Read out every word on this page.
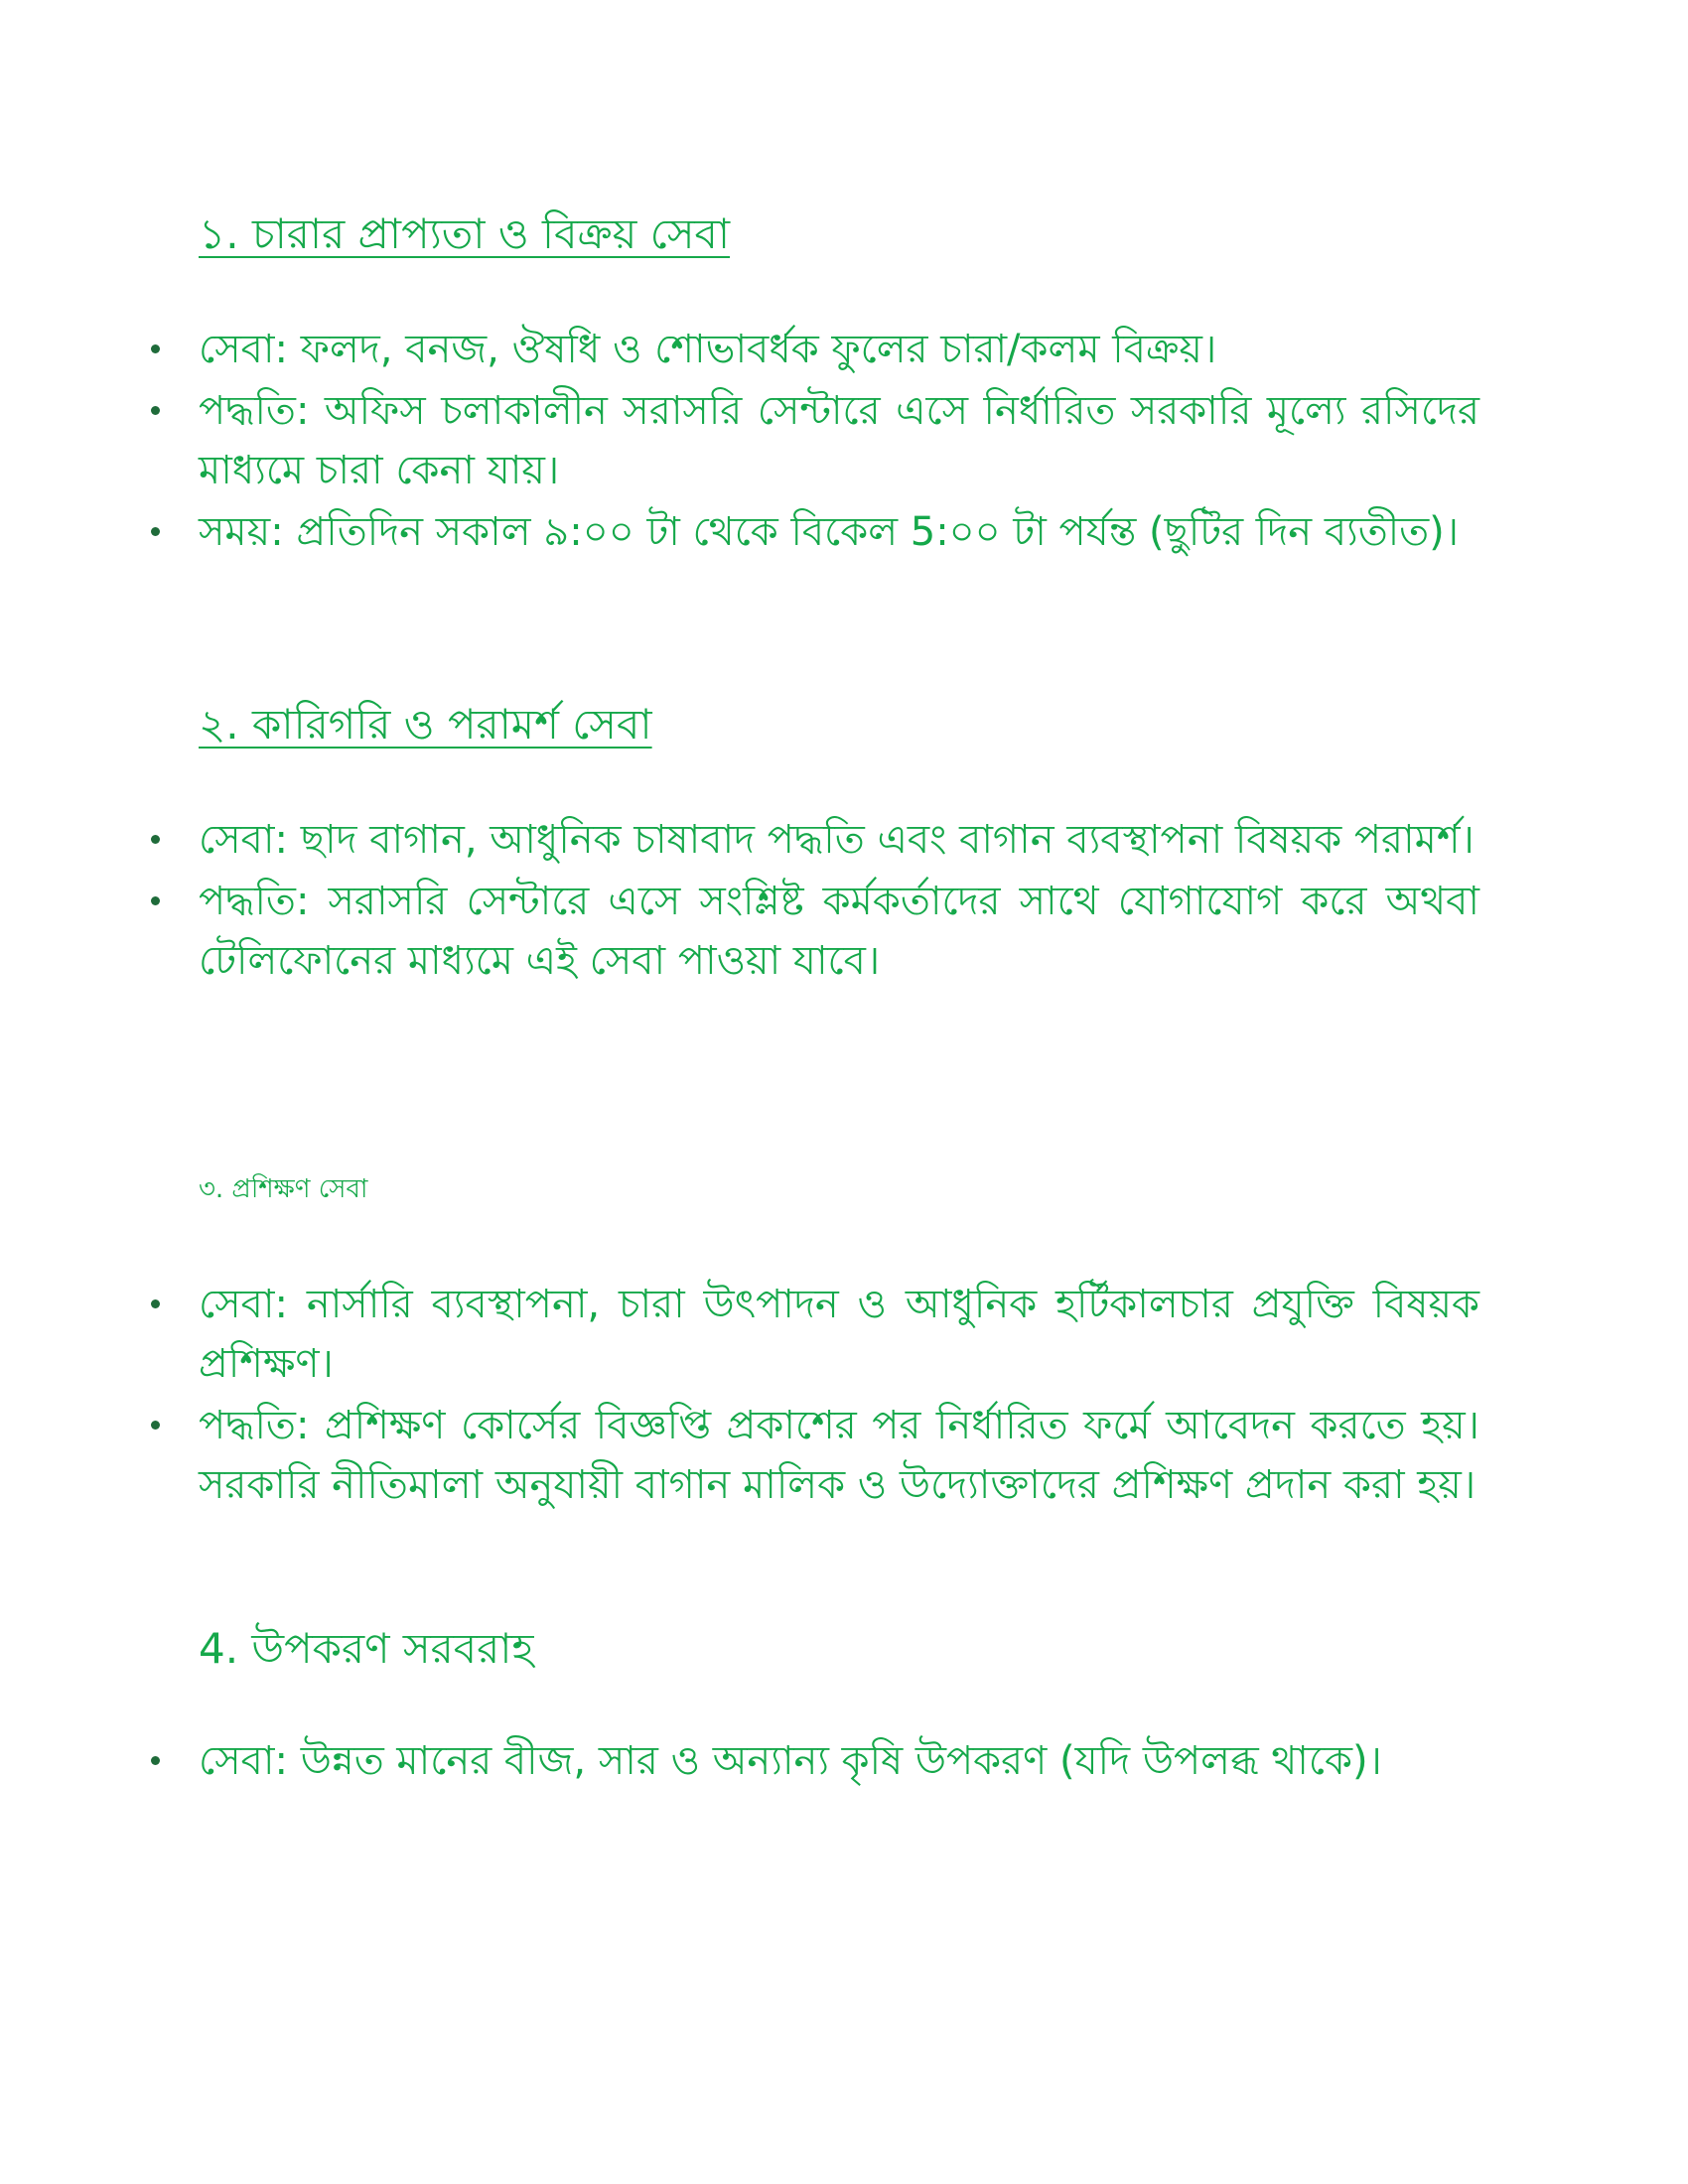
১. চারার প্রাপ্যতা ও বিক্রয় সেবা
সেবা: ফলদ, বনজ, ঔষধি ও শোভাবর্ধক ফুলের চারা/কলম বিক্রয়।
পদ্ধতি: অফিস চলাকালীন সরাসরি সেন্টারে এসে নির্ধারিত সরকারি মূল্যে রসিদের মাধ্যমে চারা কেনা যায়।
সময়: প্রতিদিন সকাল ৯:০০ টা থেকে বিকেল 5:০০ টা পর্যন্ত (ছুটির দিন ব্যতীত)।
২. কারিগরি ও পরামর্শ সেবা
সেবা: ছাদ বাগান, আধুনিক চাষাবাদ পদ্ধতি এবং বাগান ব্যবস্থাপনা বিষয়ক পরামর্শ।
পদ্ধতি: সরাসরি সেন্টারে এসে সংশ্লিষ্ট কর্মকর্তাদের সাথে যোগাযোগ করে অথবা টেলিফোনের মাধ্যমে এই সেবা পাওয়া যাবে।
৩. প্রশিক্ষণ সেবা
সেবা: নার্সারি ব্যবস্থাপনা, চারা উৎপাদন ও আধুনিক হর্টিকালচার প্রযুক্তি বিষয়ক প্রশিক্ষণ।
পদ্ধতি: প্রশিক্ষণ কোর্সের বিজ্ঞপ্তি প্রকাশের পর নির্ধারিত ফর্মে আবেদন করতে হয়। সরকারি নীতিমালা অনুযায়ী বাগান মালিক ও উদ্যোক্তাদের প্রশিক্ষণ প্রদান করা হয়।
4. উপকরণ সরবরাহ
সেবা: উন্নত মানের বীজ, সার ও অন্যান্য কৃষি উপকরণ (যদি উপলব্ধ থাকে)।
